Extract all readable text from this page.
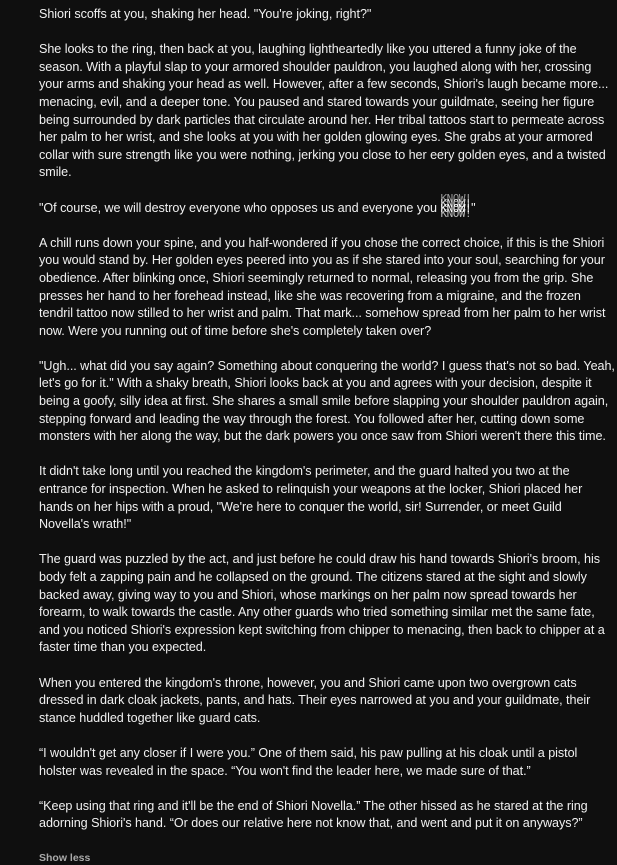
Shiori scoffs at you, shaking her head. "You're joking, right?"

She looks to the ring, then back at you, laughing lightheartedly like you uttered a funny joke of the season. With a playful slap to your armored shoulder pauldron, you laughed along with her, crossing your arms and shaking your head as well. However, after a few seconds, Shiori's laugh became more... menacing, evil, and a deeper tone. You paused and stared towards your guildmate, seeing her figure being surrounded by dark particles that circulate around her. Her tribal tattoos start to permeate across her palm to her wrist, and she looks at you with her golden glowing eyes. She grabs at your armored collar with sure strength like you were nothing, jerking you close to her eery golden eyes, and a twisted smile.

"Of course, we will destroy everyone who opposes us and everyone you KNOW!"

A chill runs down your spine, and you half-wondered if you chose the correct choice, if this is the Shiori you would stand by. Her golden eyes peered into you as if she stared into your soul, searching for your obedience. After blinking once, Shiori seemingly returned to normal, releasing you from the grip. She presses her hand to her forehead instead, like she was recovering from a migraine, and the frozen tendril tattoo now stilled to her wrist and palm. That mark... somehow spread from her palm to her wrist now. Were you running out of time before she's completely taken over?

"Ugh... what did you say again? Something about conquering the world? I guess that's not so bad. Yeah, let's go for it." With a shaky breath, Shiori looks back at you and agrees with your decision, despite it being a goofy, silly idea at first. She shares a small smile before slapping your shoulder pauldron again, stepping forward and leading the way through the forest. You followed after her, cutting down some monsters with her along the way, but the dark powers you once saw from Shiori weren't there this time.

It didn't take long until you reached the kingdom's perimeter, and the guard halted you two at the entrance for inspection. When he asked to relinquish your weapons at the locker, Shiori placed her hands on her hips with a proud, "We're here to conquer the world, sir! Surrender, or meet Guild Novella's wrath!"

The guard was puzzled by the act, and just before he could draw his hand towards Shiori's broom, his body felt a zapping pain and he collapsed on the ground. The citizens stared at the sight and slowly backed away, giving way to you and Shiori, whose markings on her palm now spread towards her forearm, to walk towards the castle. Any other guards who tried something similar met the same fate, and you noticed Shiori's expression kept switching from chipper to menacing, then back to chipper at a faster time than you expected.

When you entered the kingdom's throne, however, you and Shiori came upon two overgrown cats dressed in dark cloak jackets, pants, and hats. Their eyes narrowed at you and your guildmate, their stance huddled together like guard cats.

“I wouldn't get any closer if I were you.” One of them said, his paw pulling at his cloak until a pistol holster was revealed in the space. “You won't find the leader here, we made sure of that.”

“Keep using that ring and it'll be the end of Shiori Novella.” The other hissed as he stared at the ring adorning Shiori's hand. “Or does our relative here not know that, and went and put it on anyways?”

Show less
